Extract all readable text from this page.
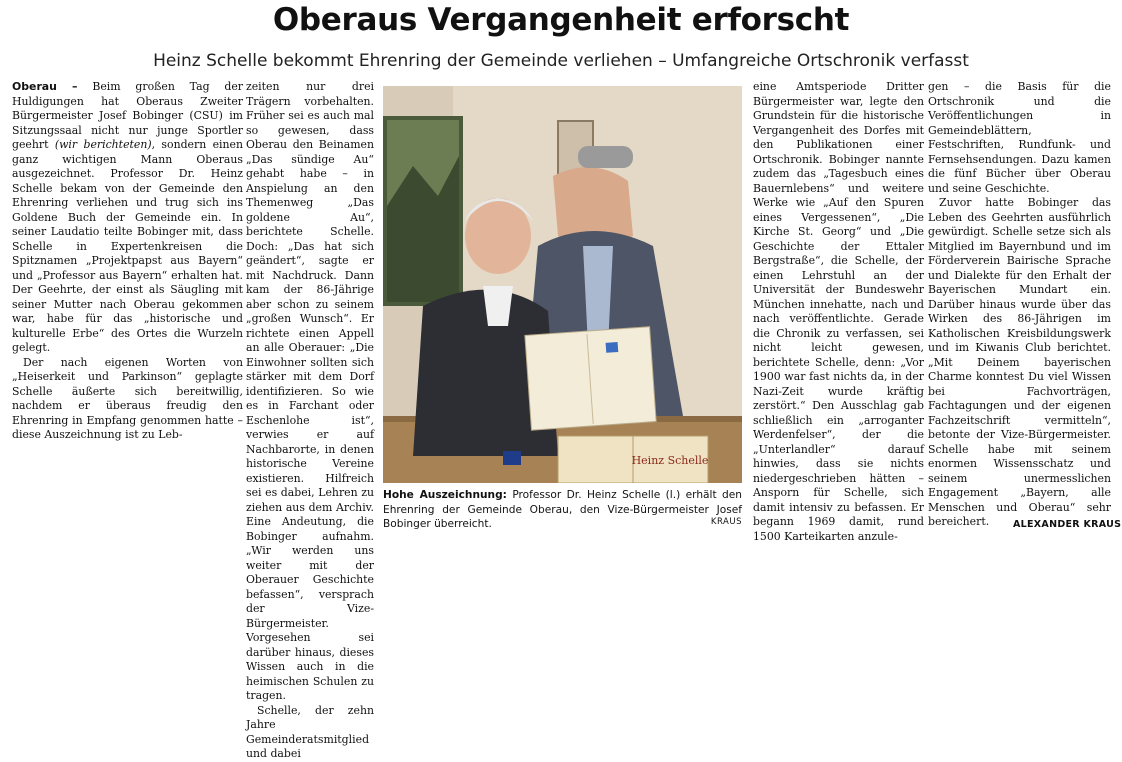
Oberaus Vergangenheit erforscht
Heinz Schelle bekommt Ehrenring der Gemeinde verliehen – Umfangreiche Ortschronik verfasst

Oberau – Beim großen Tag der Huldigungen hat Oberaus Zweiter Bürgermeister Josef Bobinger (CSU) im Sitzungssaal nicht nur junge Sportler geehrt (wir berichteten), sondern einen ganz wichtigen Mann Oberaus ausgezeichnet. Professor Dr. Heinz Schelle bekam von der Gemeinde den Ehrenring verliehen und trug sich ins Goldene Buch der Gemeinde ein. In seiner Laudatio teilte Bobinger mit, dass Schelle in Expertenkreisen die Spitznamen „Projektpapst aus Bayern“ und „Professor aus Bayern“ erhalten hat. Der Geehrte, der einst als Säugling mit seiner Mutter nach Oberau gekommen war, habe für das „historische und kulturelle Erbe“ des Ortes die Wurzeln gelegt.

Der nach eigenen Worten von „Heiserkeit und Parkinson“ geplagte Schelle äußerte sich bereitwillig, nachdem er überaus freudig den Ehrenring in Empfang genommen hatte – diese Auszeichnung ist zu Leb-

zeiten nur drei Trägern vorbehalten. Früher sei es auch mal so gewesen, dass Oberau den Beinamen „Das sündige Au“ gehabt habe – in Anspielung an den Themenweg „Das goldene Au“, berichtete Schelle. Doch: „Das hat sich geändert“, sagte er mit Nachdruck. Dann kam der 86-Jährige aber schon zu seinem „großen Wunsch“. Er richtete einen Appell an alle Oberauer: „Die Einwohner sollten sich stärker mit dem Dorf identifizieren. So wie es in Farchant oder Eschenlohe ist“, verwies er auf Nachbarorte, in denen historische Vereine existieren. Hilfreich sei es dabei, Lehren zu ziehen aus dem Archiv. Eine Andeutung, die Bobinger aufnahm. „Wir werden uns weiter mit der Oberauer Geschichte befassen“, versprach der Vize-Bürgermeister. Vorgesehen sei darüber hinaus, dieses Wissen auch in die heimischen Schulen zu tragen.

Schelle, der zehn Jahre Gemeinderatsmitglied und dabei

Heinz Schelle
Hohe Auszeichnung: Professor Dr. Heinz Schelle (l.) erhält den Ehrenring der Gemeinde Oberau, den Vize-Bürgermeister Josef Bobinger überreicht.	KRAUS

eine Amtsperiode Dritter Bürgermeister war, legte den Grundstein für die historische Vergangenheit des Dorfes mit den Publikationen einer Ortschronik. Bobinger nannte zudem das „Tagesbuch eines Bauernlebens“ und weitere Werke wie „Auf den Spuren eines Vergessenen“, „Die Kirche St. Georg“ und „Die Geschichte der Ettaler Bergstraße“, die Schelle, der einen Lehrstuhl an der Universität der Bundeswehr München innehatte, nach und nach veröffentlichte. Gerade die Chronik zu verfassen, sei nicht leicht gewesen, berichtete Schelle, denn: „Vor 1900 war fast nichts da, in der Nazi-Zeit wurde kräftig zerstört.“ Den Ausschlag gab schließlich ein „arroganter Werdenfelser“, der die „Unterlandler“ darauf hinwies, dass sie nichts niedergeschrieben hätten – Ansporn für Schelle, sich damit intensiv zu befassen. Er begann 1969 damit, rund 1500 Karteikarten anzule-

gen – die Basis für die Ortschronik und die Veröffentlichungen in Gemeindeblättern, Festschriften, Rundfunk- und Fernsehsendungen. Dazu kamen die fünf Bücher über Oberau und seine Geschichte.

Zuvor hatte Bobinger das Leben des Geehrten ausführlich gewürdigt. Schelle setze sich als Mitglied im Bayernbund und im Förderverein Bairische Sprache und Dialekte für den Erhalt der Bayerischen Mundart ein. Darüber hinaus wurde über das Wirken des 86-Jährigen im Katholischen Kreisbildungswerk und im Kiwanis Club berichtet. „Mit Deinem bayerischen Charme konntest Du viel Wissen bei Fachvorträgen, Fachtagungen und der eigenen Fachzeitschrift vermitteln“, betonte der Vize-Bürgermeister. Schelle habe mit seinem enormen Wissensschatz und seinem unermesslichen Engagement „Bayern, alle Menschen und Oberau“ sehr bereichert.	ALEXANDER KRAUS
